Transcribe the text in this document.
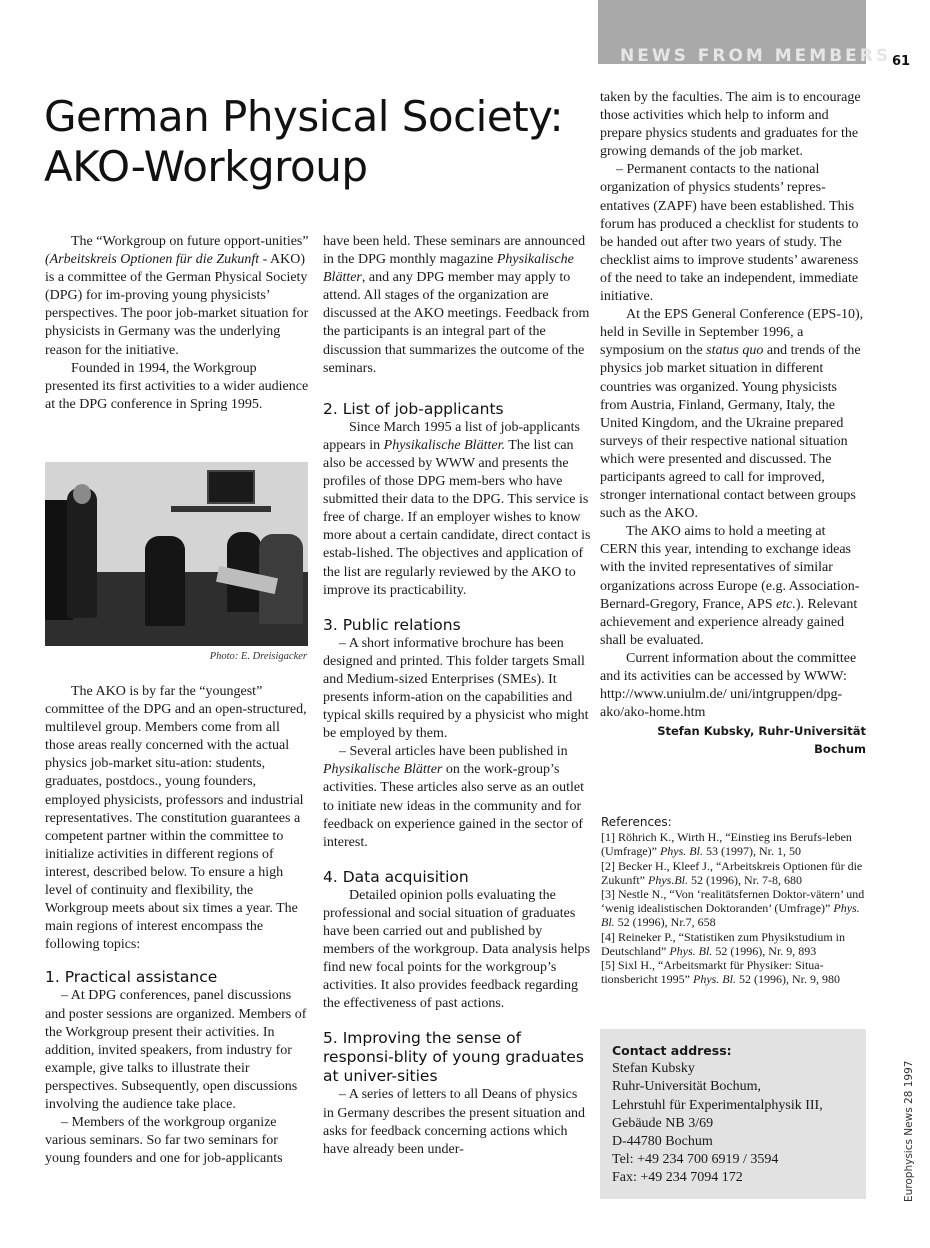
NEWS FROM MEMBERS 61
German Physical Society:
AKO-Workgroup

The “Workgroup on future opport-unities” (Arbeitskreis Optionen für die Zukunft - AKO) is a committee of the German Physical Society (DPG) for im-proving young physicists’ perspectives. The poor job-market situation for physicists in Germany was the underlying reason for the initiative.

Founded in 1994, the Workgroup presented its first activities to a wider audience at the DPG conference in Spring 1995.

Photo: E. Dreisigacker

The AKO is by far the “youngest” committee of the DPG and an open-structured, multilevel group. Members come from all those areas really concerned with the actual physics job-market situ-ation: students, graduates, postdocs., young founders, employed physicists, professors and industrial representatives. The constitution guarantees a competent partner within the committee to initialize activities in different regions of interest, described below. To ensure a high level of continuity and flexibility, the Workgroup meets about six times a year. The main regions of interest encompass the following topics:

1. Practical assistance

– At DPG conferences, panel discussions and poster sessions are organized. Members of the Workgroup present their activities. In addition, invited speakers, from industry for example, give talks to illustrate their perspectives. Subsequently, open discussions involving the audience take place.

– Members of the workgroup organize various seminars. So far two seminars for young founders and one for job-applicants

have been held. These seminars are announced in the DPG monthly magazine Physikalische Blätter, and any DPG member may apply to attend. All stages of the organization are discussed at the AKO meetings. Feedback from the participants is an integral part of the discussion that summarizes the outcome of the seminars.

2. List of job-applicants

Since March 1995 a list of job-applicants appears in Physikalische Blätter. The list can also be accessed by WWW and presents the profiles of those DPG mem-bers who have submitted their data to the DPG. This service is free of charge. If an employer wishes to know more about a certain candidate, direct contact is estab-lished. The objectives and application of the list are regularly reviewed by the AKO to improve its practicability.

3. Public relations

– A short informative brochure has been designed and printed. This folder targets Small and Medium-sized Enterprises (SMEs). It presents inform-ation on the capabilities and typical skills required by a physicist who might be employed by them.

– Several articles have been published in Physikalische Blätter on the work-group’s activities. These articles also serve as an outlet to initiate new ideas in the community and for feedback on experience gained in the sector of interest.

4. Data acquisition

Detailed opinion polls evaluating the professional and social situation of graduates have been carried out and published by members of the workgroup. Data analysis helps find new focal points for the workgroup’s activities. It also provides feedback regarding the effectiveness of past actions.

5. Improving the sense of responsi-blity of young graduates at univer-sities

– A series of letters to all Deans of physics in Germany describes the present situation and asks for feedback concerning actions which have already been under-

taken by the faculties. The aim is to encourage those activities which help to inform and prepare physics students and graduates for the growing demands of the job market.

– Permanent contacts to the national organization of physics students’ repres-entatives (ZAPF) have been established. This forum has produced a checklist for students to be handed out after two years of study. The checklist aims to improve students’ awareness of the need to take an independent, immediate initiative.

At the EPS General Conference (EPS-10), held in Seville in September 1996, a symposium on the status quo and trends of the physics job market situation in different countries was organized. Young physicists from Austria, Finland, Germany, Italy, the United Kingdom, and the Ukraine prepared surveys of their respective national situation which were presented and discussed. The participants agreed to call for improved, stronger international contact between groups such as the AKO.

The AKO aims to hold a meeting at CERN this year, intending to exchange ideas with the invited representatives of similar organizations across Europe (e.g. Association-Bernard-Gregory, France, APS etc.). Relevant achievement and experience already gained shall be evaluated.

Current information about the committee and its activities can be accessed by WWW: http://www.uniulm.de/ uni/intgruppen/dpg-ako/ako-home.htm

Stefan Kubsky, Ruhr-Universität Bochum

References:

[1] Röhrich K., Wirth H., “Einstieg ins Berufs-leben (Umfrage)” Phys. Bl. 53 (1997), Nr. 1, 50

[2] Becker H., Kleef J., “Arbeitskreis Optionen für die Zukunft” Phys.Bl. 52 (1996), Nr. 7-8, 680

[3] Nestle N., “Von ‘realitätsfernen Doktor-vätern’ und ‘wenig idealistischen Doktoranden’ (Umfrage)” Phys. Bl. 52 (1996), Nr.7, 658

[4] Reineker P., “Statistiken zum Physikstudium in Deutschland” Phys. Bl. 52 (1996), Nr. 9, 893

[5] Sixl H., “Arbeitsmarkt für Physiker: Situa-tionsbericht 1995” Phys. Bl. 52 (1996), Nr. 9, 980

Contact address:

Stefan Kubsky

Ruhr-Universität Bochum,

Lehrstuhl für Experimentalphysik III,

Gebäude NB 3/69

D-44780 Bochum

Tel: +49 234 700 6919 / 3594

Fax: +49 234 7094 172	Europhysics News 28 1997
